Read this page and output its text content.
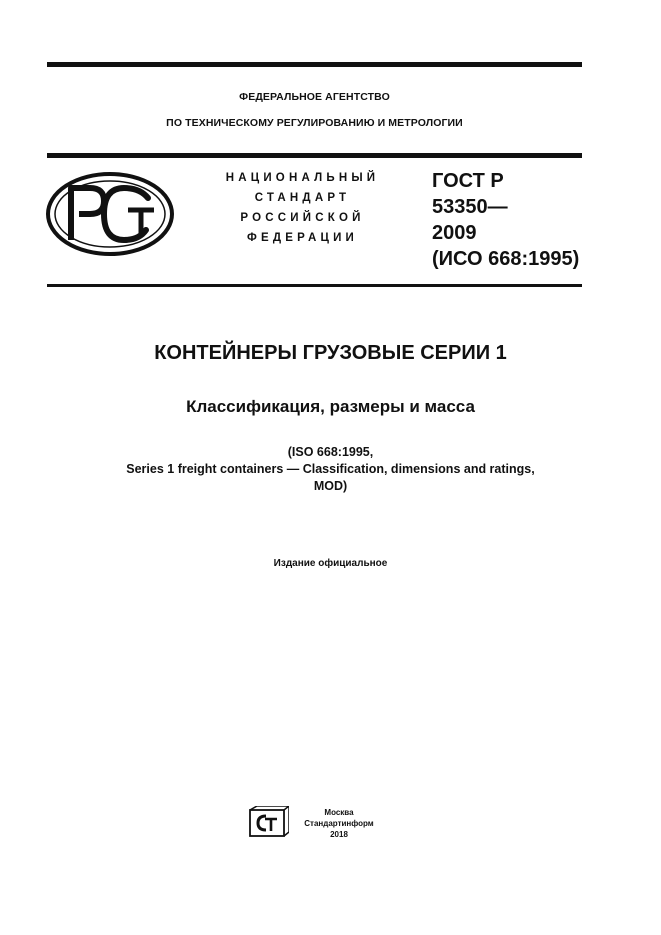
ФЕДЕРАЛЬНОЕ АГЕНТСТВО
ПО ТЕХНИЧЕСКОМУ РЕГУЛИРОВАНИЮ И МЕТРОЛОГИИ
НАЦИОНАЛЬНЫЙ
СТАНДАРТ
РОССИЙСКОЙ
ФЕДЕРАЦИИ
ГОСТ Р
53350—
2009
(ИСО 668:1995)
КОНТЕЙНЕРЫ ГРУЗОВЫЕ СЕРИИ 1
Классификация, размеры и масса
(ISO 668:1995,
Series 1 freight containers — Classification, dimensions and ratings,
MOD)
Издание официальное
Москва
Стандартинформ
2018
